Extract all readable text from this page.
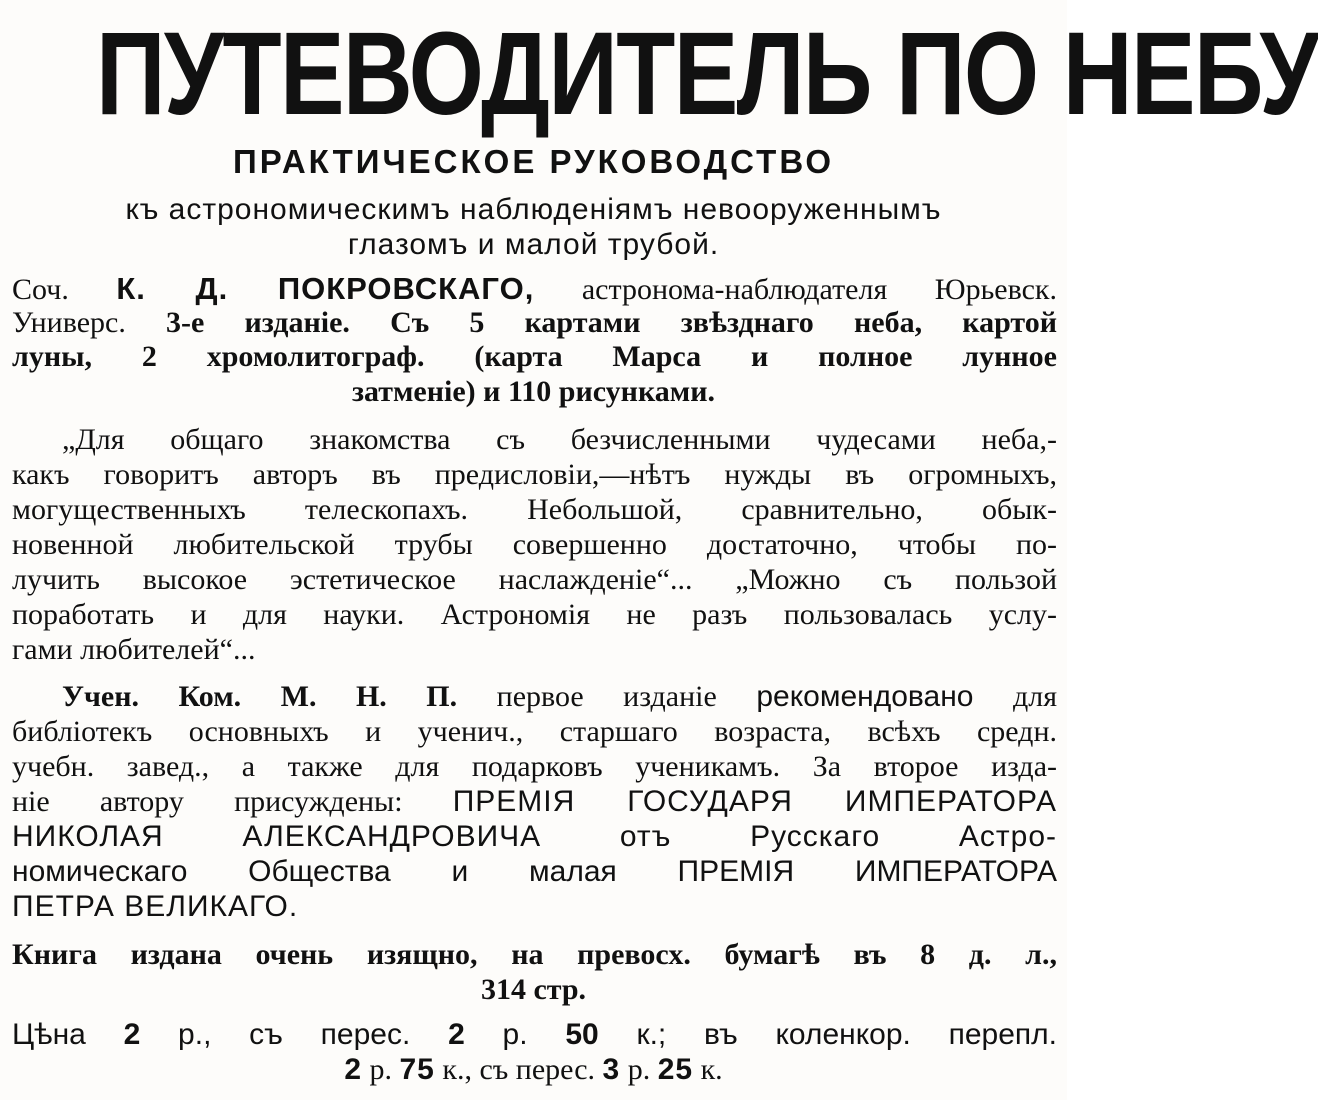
ПУТЕВОДИТЕЛЬ ПО НЕБУ
ПРАКТИЧЕСКОЕ РУКОВОДСТВО
къ астрономическимъ наблюденіямъ невооруженнымъ
глазомъ и малой трубой.
Соч. К. Д. ПОКРОВСКАГО, астронома-наблюдателя Юрьевск.
Универс. 3-е изданіе. Съ 5 картами звѣзднаго неба, картой
луны, 2 хромолитограф. (карта Марса и полное лунное
затменіе) и 110 рисунками.
„Для общаго знакомства съ безчисленными чудесами неба,-
какъ говоритъ авторъ въ предисловіи,—нѣтъ нужды въ огромныхъ,
могущественныхъ телескопахъ. Небольшой, сравнительно, обык-
новенной любительской трубы совершенно достаточно, чтобы по-
лучить высокое эстетическое наслажденіе“... „Можно съ пользой
поработать и для науки. Астрономія не разъ пользовалась услу-
гами любителей“...
Учен. Ком. М. Н. П. первое изданіе рекомендовано для
библіотекъ основныхъ и ученич., старшаго возраста, всѣхъ средн.
учебн. завед., а также для подарковъ ученикамъ. За второе изда-
ніе автору присуждены: ПРЕМІЯ ГОСУДАРЯ ИМПЕРАТОРА
НИКОЛАЯ АЛЕКСАНДРОВИЧА отъ Русскаго Астро-
номическаго Общества и малая ПРЕМІЯ ИМПЕРАТОРА
ПЕТРА ВЕЛИКАГО.
Книга издана очень изящно, на превосх. бумагѣ въ 8 д. л.,
314 стр.
Цѣна 2 р., съ перес. 2 р. 50 к.; въ коленкор. перепл.
2 р. 75 к., съ перес. 3 р. 25 к.
